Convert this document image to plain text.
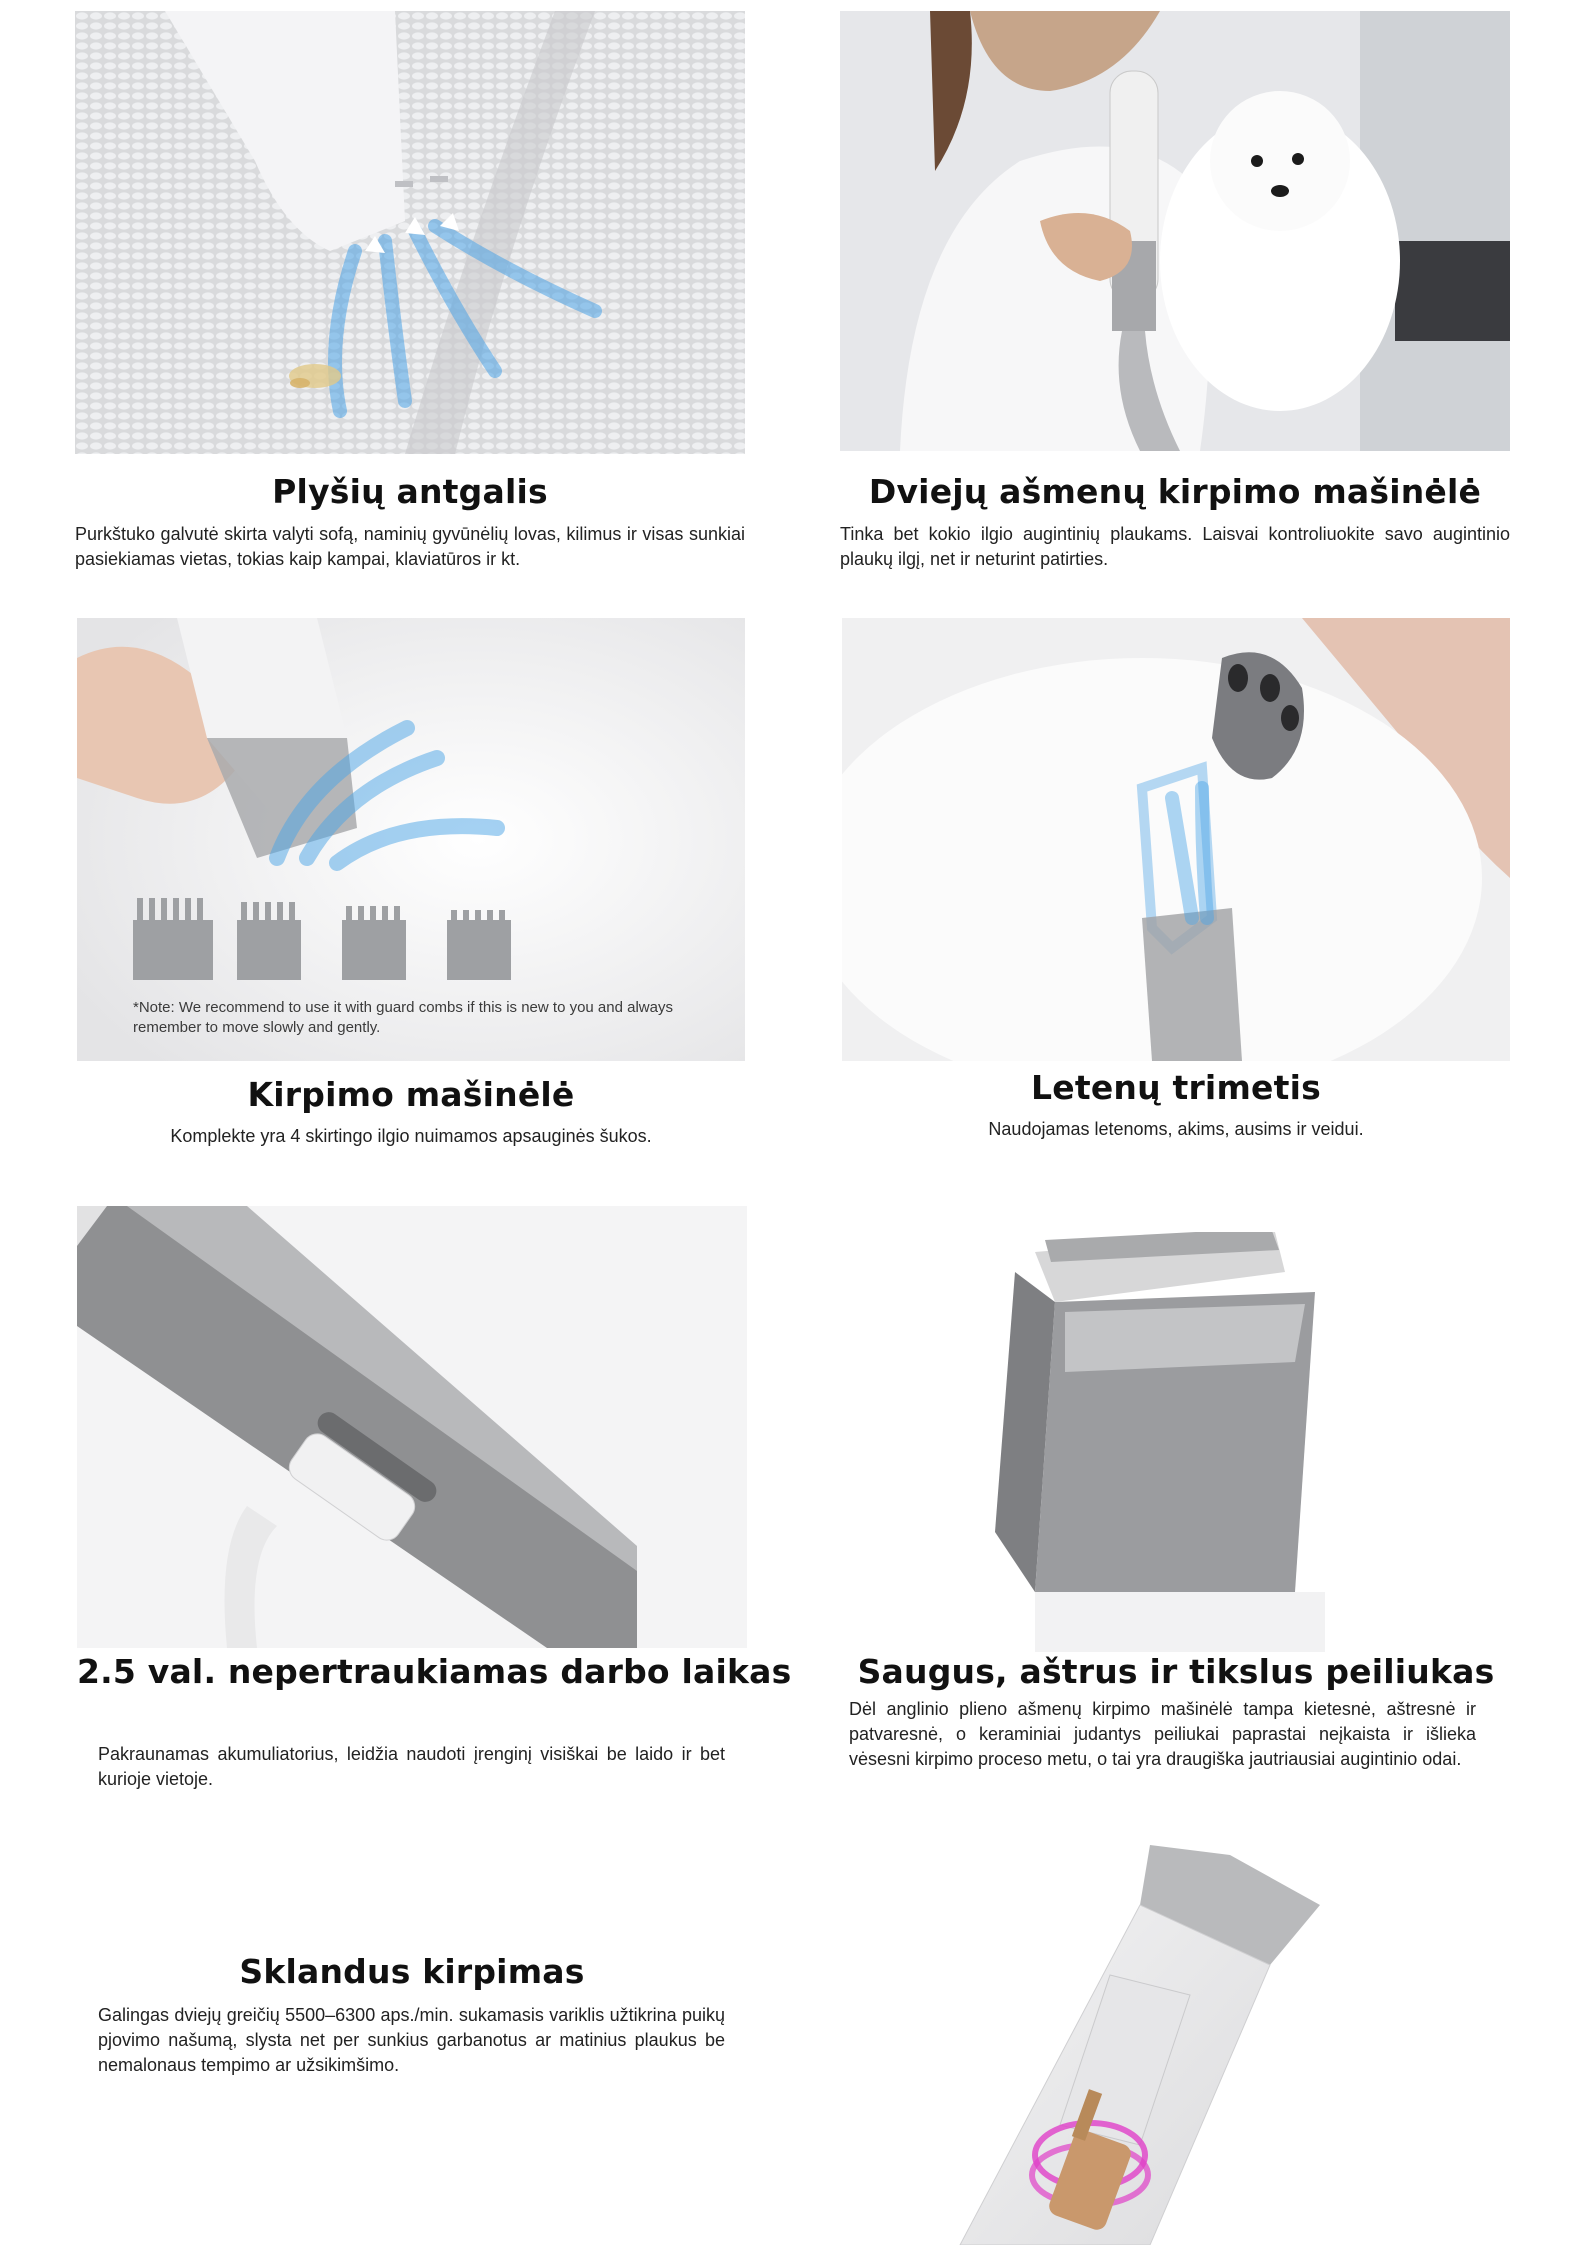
Plyšių antgalis

Purkštuko galvutė skirta valyti sofą, naminių gyvūnėlių lovas, kilimus ir visas sunkiai pasiekiamas vietas, tokias kaip kampai, klaviatūros ir kt.

Dviejų ašmenų kirpimo mašinėlė

Tinka bet kokio ilgio augintinių plaukams. Laisvai kontroliuokite savo augintinio plaukų ilgį, net ir neturint patirties.

*Note: We recommend to use it with guard combs if this is new to you and always remember to move slowly and gently.
Kirpimo mašinėlė

Komplekte yra 4 skirtingo ilgio nuimamos apsauginės šukos.

Letenų trimetis

Naudojamas letenoms, akims, ausims ir veidui.

2.5 val. nepertraukiamas darbo laikas

Pakraunamas akumuliatorius, leidžia naudoti įrenginį visiškai be laido ir bet kurioje vietoje.

Saugus, aštrus ir tikslus peiliukas

Dėl anglinio plieno ašmenų kirpimo mašinėlė tampa kietesnė, aštresnė ir patvaresnė, o keraminiai judantys peiliukai paprastai neįkaista ir išlieka vėsesni kirpimo proceso metu, o tai yra draugiška jautriausiai augintinio odai.

Sklandus kirpimas

Galingas dviejų greičių 5500–6300 aps./min. sukamasis variklis užtikrina puikų pjovimo našumą, slysta net per sunkius garbanotus ar matinius plaukus be nemalonaus tempimo ar užsikimšimo.
